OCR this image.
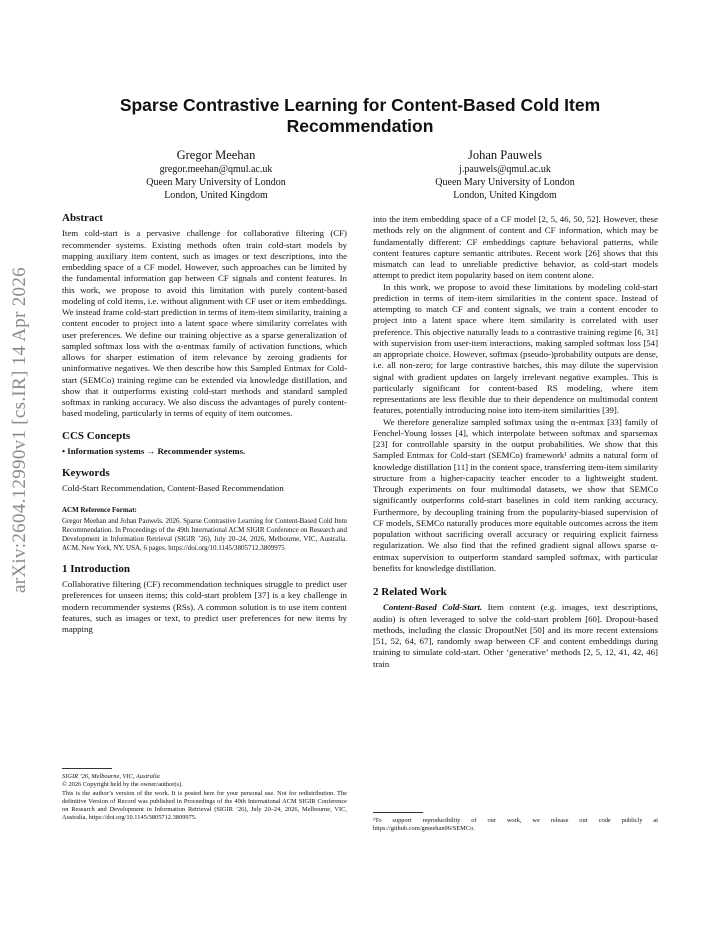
arXiv:2604.12990v1 [cs.IR] 14 Apr 2026
Sparse Contrastive Learning for Content-Based Cold Item Recommendation
Gregor Meehan
gregor.meehan@qmul.ac.uk
Queen Mary University of London
London, United Kingdom
Johan Pauwels
j.pauwels@qmul.ac.uk
Queen Mary University of London
London, United Kingdom
Abstract

Item cold-start is a pervasive challenge for collaborative filtering (CF) recommender systems. Existing methods often train cold-start models by mapping auxiliary item content, such as images or text descriptions, into the embedding space of a CF model. However, such approaches can be limited by the fundamental information gap between CF signals and content features. In this work, we propose to avoid this limitation with purely content-based modeling of cold items, i.e. without alignment with CF user or item embeddings. We instead frame cold-start prediction in terms of item-item similarity, training a content encoder to project into a latent space where similarity correlates with user preferences. We define our training objective as a sparse generalization of sampled softmax loss with the α-entmax family of activation functions, which allows for sharper estimation of item relevance by zeroing gradients for uninformative negatives. We then describe how this Sampled Entmax for Cold-start (SEMCo) training regime can be extended via knowledge distillation, and show that it outperforms existing cold-start methods and standard sampled softmax in ranking accuracy. We also discuss the advantages of purely content-based modeling, particularly in terms of equity of item outcomes.

CCS Concepts

• Information systems → Recommender systems.

Keywords

Cold-Start Recommendation, Content-Based Recommendation

ACM Reference Format:

Gregor Meehan and Johan Pauwels. 2026. Sparse Contrastive Learning for Content-Based Cold Item Recommendation. In Proceedings of the 49th International ACM SIGIR Conference on Research and Development in Information Retrieval (SIGIR ’26), July 20–24, 2026, Melbourne, VIC, Australia. ACM, New York, NY, USA, 6 pages. https://doi.org/10.1145/3805712.3809975

1 Introduction

Collaborative filtering (CF) recommendation techniques struggle to predict user preferences for unseen items; this cold-start problem [37] is a key challenge in modern recommender systems (RSs). A common solution is to use item content features, such as images or text, to predict user preferences for new items by mapping

SIGIR ’26, Melbourne, VIC, Australia

© 2026 Copyright held by the owner/author(s).

This is the author’s version of the work. It is posted here for your personal use. Not for redistribution. The definitive Version of Record was published in Proceedings of the 49th International ACM SIGIR Conference on Research and Development in Information Retrieval (SIGIR ’26), July 20–24, 2026, Melbourne, VIC, Australia, https://doi.org/10.1145/3805712.3809975.

into the item embedding space of a CF model [2, 5, 46, 50, 52]. However, these methods rely on the alignment of content and CF information, which may be fundamentally different: CF embeddings capture behavioral patterns, while content features capture semantic attributes. Recent work [26] shows that this mismatch can lead to unreliable predictive behavior, as cold-start models attempt to predict item popularity based on item content alone.

In this work, we propose to avoid these limitations by modeling cold-start prediction in terms of item-item similarities in the content space. Instead of attempting to match CF and content signals, we train a content encoder to project into a latent space where item similarity is correlated with user preference. This objective naturally leads to a contrastive training regime [6, 31] with supervision from user-item interactions, making sampled softmax loss [54] an appropriate choice. However, softmax (pseudo-)probability outputs are dense, i.e. all non-zero; for large contrastive batches, this may dilute the supervision signal with gradient updates on largely irrelevant negative examples. This is particularly significant for content-based RS modeling, where item representations are less flexible due to their dependence on multimodal content features, potentially introducing noise into item-item similarities [39].

We therefore generalize sampled softmax using the α-entmax [33] family of Fenchel-Young losses [4], which interpolate between softmax and sparsemax [23] for controllable sparsity in the output probabilities. We show that this Sampled Entmax for Cold-start (SEMCo) framework¹ admits a natural form of knowledge distillation [11] in the content space, transferring item-item similarity structure from a higher-capacity teacher encoder to a lightweight student. Through experiments on four multimodal datasets, we show that SEMCo significantly outperforms cold-start baselines in cold item ranking accuracy. Furthermore, by decoupling training from the popularity-biased supervision of CF models, SEMCo naturally produces more equitable outcomes across the item population without sacrificing overall accuracy or requiring explicit fairness regularization. We also find that the refined gradient signal allows sparse α-entmax supervision to outperform standard sampled softmax, with particular benefits for knowledge distillation.

2 Related Work

Content-Based Cold-Start. Item content (e.g. images, text descriptions, audio) is often leveraged to solve the cold-start problem [60]. Dropout-based methods, including the classic DropoutNet [50] and its more recent extensions [51, 52, 64, 67], randomly swap between CF and content embeddings during training to simulate cold-start. Other ‘generative’ methods [2, 5, 12, 41, 42, 46] train

¹To support reproducibility of our work, we release our code publicly at https://github.com/gmeehan96/SEMCo.
